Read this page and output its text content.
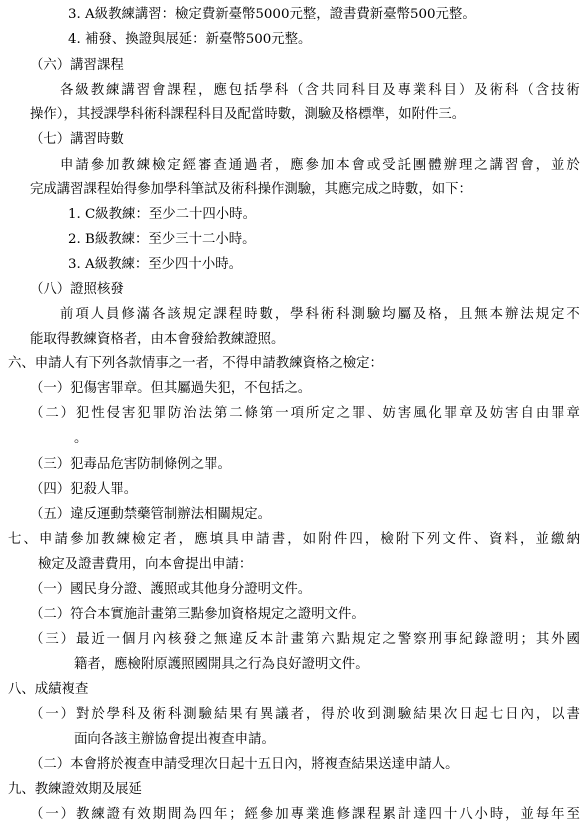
3. A級教練講習：檢定費新臺幣5000元整，證書費新臺幣500元整。
4. 補發、換證與展延：新臺幣500元整。
（六）講習課程
各 級 教 練 講 習 會 課 程 ， 應 包 括 學 科 （ 含 共 同 科 目 及 專 業 科 目 ） 及 術 科 （ 含 技 術
操作），其授課學科術科課程科目及配當時數，測驗及格標準，如附件三。
（七）講習時數
申 請 參 加 教 練 檢 定 經 審 查 通 過 者 ， 應 參 加 本 會 或 受 託 團 體 辦 理 之 講 習 會 ， 並 於
完成講習課程始得參加學科筆試及術科操作測驗，其應完成之時數，如下：
1. C級教練：至少二十四小時。
2. B級教練：至少三十二小時。
3. A級教練：至少四十小時。
（八）證照核發
前 項 人 員 修 滿 各 該 規 定 課 程 時 數 ， 學 科 術 科 測 驗 均 屬 及 格 ， 且 無 本 辦 法 規 定 不
能取得教練資格者，由本會發給教練證照。
六、申請人有下列各款情事之一者，不得申請教練資格之檢定：
（一）犯傷害罪章。但其屬過失犯，不包括之。
（ 二 ） 犯 性 侵 害 犯 罪 防 治 法 第 二 條 第 一 項 所 定 之 罪 、 妨 害 風 化 罪 章 及 妨 害 自 由 罪 章
。
（三）犯毒品危害防制條例之罪。
（四）犯殺人罪。
（五）違反運動禁藥管制辦法相關規定。
七 、 申 請 參 加 教 練 檢 定 者 ， 應 填 具 申 請 書 ， 如 附 件 四 ， 檢 附 下 列 文 件 、 資 料 ， 並 繳 納
檢定及證書費用，向本會提出申請：
（一）國民身分證、護照或其他身分證明文件。
（二）符合本實施計畫第三點參加資格規定之證明文件。
（ 三 ） 最 近 一 個 月 內 核 發 之 無 違 反 本 計 畫 第 六 點 規 定 之 警 察 刑 事 紀 錄 證 明 ； 其 外 國
籍者，應檢附原護照國開具之行為良好證明文件。
八、成績複查
（ 一 ） 對 於 學 科 及 術 科 測 驗 結 果 有 異 議 者 ， 得 於 收 到 測 驗 結 果 次 日 起 七 日 內 ， 以 書
面向各該主辦協會提出複查申請。
（二）本會將於複查申請受理次日起十五日內，將複查結果送達申請人。
九、教練證效期及展延
（ 一 ） 教 練 證 有 效 期 間 為 四 年 ； 經 參 加 專 業 進 修 課 程 累 計 達 四 十 八 小 時 ， 並 每 年 至
